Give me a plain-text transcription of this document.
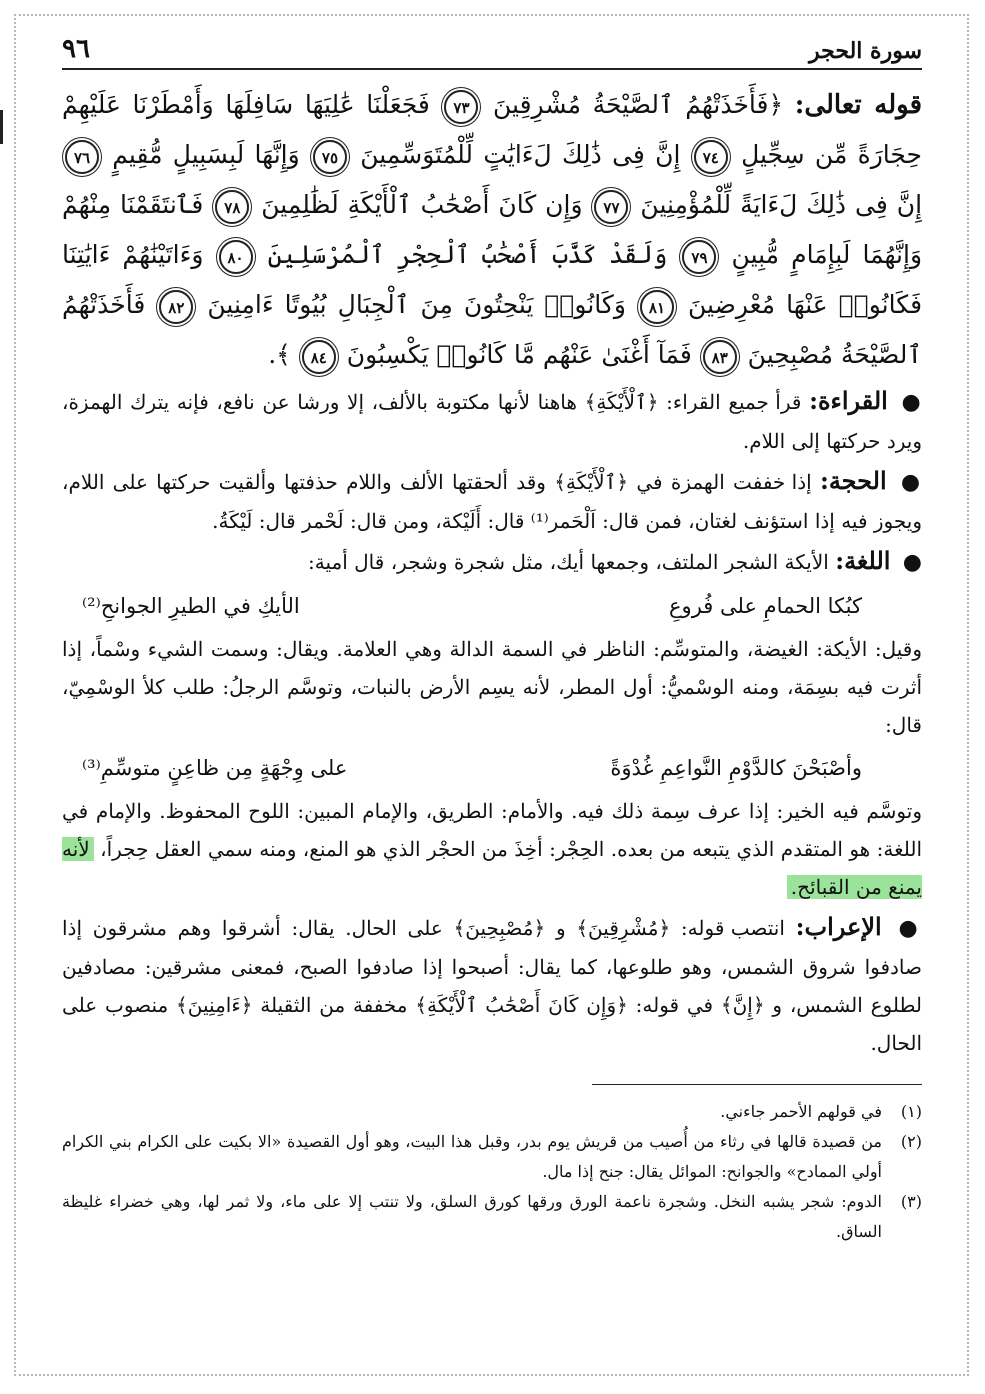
سورة الحجر
٩٦
قوله تعالى: ﴿فَأَخَذَتْهُمُ ٱلصَّيْحَةُ مُشْرِقِينَ ٧٣ فَجَعَلْنَا عَٰلِيَهَا سَافِلَهَا وَأَمْطَرْنَا عَلَيْهِمْ حِجَارَةً مِّن سِجِّيلٍ ٧٤ إِنَّ فِى ذَٰلِكَ لَءَايَٰتٍ لِّلْمُتَوَسِّمِينَ ٧٥ وَإِنَّهَا لَبِسَبِيلٍ مُّقِيمٍ ٧٦ إِنَّ فِى ذَٰلِكَ لَءَايَةً لِّلْمُؤْمِنِينَ ٧٧ وَإِن كَانَ أَصْحَٰبُ ٱلْأَيْكَةِ لَظَٰلِمِينَ ٧٨ فَٱنتَقَمْنَا مِنْهُمْ وَإِنَّهُمَا لَبِإِمَامٍ مُّبِينٍ ٧٩ وَلَقَدْ كَذَّبَ أَصْحَٰبُ ٱلْحِجْرِ ٱلْمُرْسَلِينَ ٨٠ وَءَاتَيْنَٰهُمْ ءَايَٰتِنَا فَكَانُوا۟ عَنْهَا مُعْرِضِينَ ٨١ وَكَانُوا۟ يَنْحِتُونَ مِنَ ٱلْجِبَالِ بُيُوتًا ءَامِنِينَ ٨٢ فَأَخَذَتْهُمُ ٱلصَّيْحَةُ مُصْبِحِينَ ٨٣ فَمَآ أَغْنَىٰ عَنْهُم مَّا كَانُوا۟ يَكْسِبُونَ ٨٤ ﴾.
● القراءة: قرأ جميع القراء: ﴿ٱلْأَيْكَةِ﴾ هاهنا لأنها مكتوبة بالألف، إلا ورشا عن نافع، فإنه يترك الهمزة، ويرد حركتها إلى اللام.
● الحجة: إذا خففت الهمزة في ﴿ٱلْأَيْكَةِ﴾ وقد ألحقتها الألف واللام حذفتها وألقيت حركتها على اللام، ويجوز فيه إذا استؤنف لغتان، فمن قال: اَلْحَمر⁽¹⁾ قال: أَلَيْكة، ومن قال: لَحْمر قال: لَيْكَةُ.
● اللغة: الأيكة الشجر الملتف، وجمعها أيك، مثل شجرة وشجر، قال أمية:
كبُكا الحمامِ على فُروعِ
الأيكِ في الطيرِ الجوانحِ⁽²⁾
وقيل: الأيكة: الغيضة، والمتوسِّم: الناظر في السمة الدالة وهي العلامة. ويقال: وسمت الشيء وسْماً، إذا أثرت فيه بسِمَة، ومنه الوسْميُّ: أول المطر، لأنه يسِم الأرض بالنبات، وتوسَّم الرجلُ: طلب كلأ الوسْمِيّ، قال:
وأصْبَحْنَ كالدَّوْمِ النَّواعِمِ غُدْوَةً
على وِجْهَةٍ مِن ظاعِنٍ متوسِّمِ⁽³⁾
وتوسَّم فيه الخير: إذا عرف سِمة ذلك فيه. والأمام: الطريق، والإمام المبين: اللوح المحفوظ. والإمام في اللغة: هو المتقدم الذي يتبعه من بعده. الحِجْر: أخِذَ من الحجْر الذي هو المنع، ومنه سمي العقل حِجراً، لأنه يمنع من القبائح.
● الإعراب: انتصب قوله: ﴿مُشْرِقِينَ﴾ و ﴿مُصْبِحِينَ﴾ على الحال. يقال: أشرقوا وهم مشرقون إذا صادفوا شروق الشمس، وهو طلوعها، كما يقال: أصبحوا إذا صادفوا الصبح، فمعنى مشرقين: مصادفين لطلوع الشمس، و ﴿إِنَّ﴾ في قوله: ﴿وَإِن كَانَ أَصْحَٰبُ ٱلْأَيْكَةِ﴾ مخففة من الثقيلة ﴿ءَامِنِينَ﴾ منصوب على الحال.
(١)
في قولهم الأحمر جاءني.
(٢)
من قصيدة قالها في رثاء من أُصيب من قريش يوم بدر، وقبل هذا البيت، وهو أول القصيدة «الا بكيت على الكرام بني الكرام أولي الممادح» والجوانح: الموائل يقال: جنح إذا مال.
(٣)
الدوم: شجر يشبه النخل. وشجرة ناعمة الورق ورقها كورق السلق، ولا تنتب إلا على ماء، ولا ثمر لها، وهي خضراء غليظة الساق.
